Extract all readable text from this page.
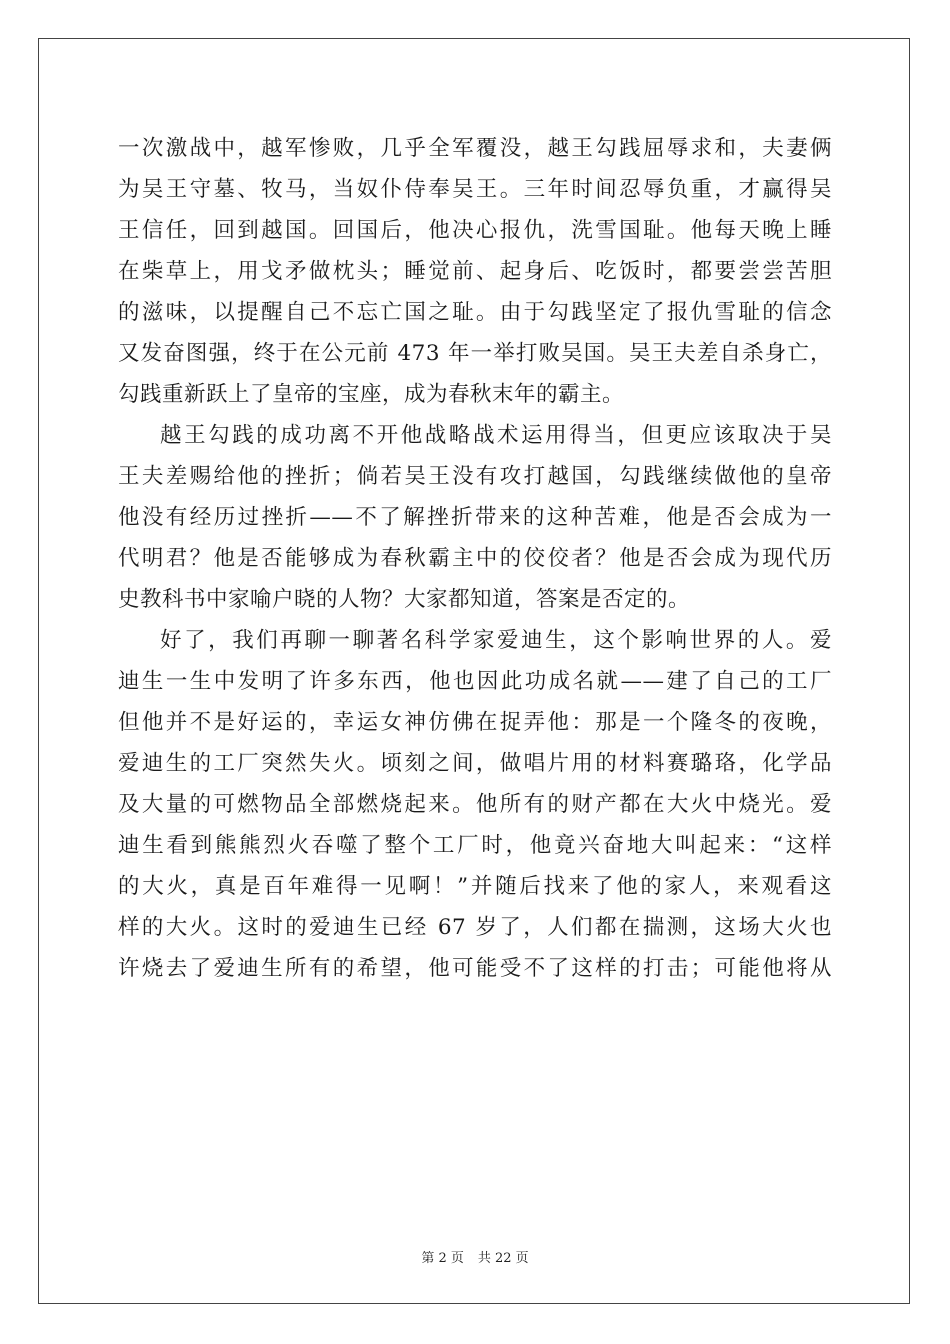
一次激战中，越军惨败，几乎全军覆没，越王勾践屈辱求和，夫妻俩
为吴王守墓、牧马，当奴仆侍奉吴王。三年时间忍辱负重，才赢得吴
王信任，回到越国。回国后，他决心报仇，洗雪国耻。他每天晚上睡
在柴草上，用戈矛做枕头；睡觉前、起身后、吃饭时，都要尝尝苦胆
的滋味，以提醒自己不忘亡国之耻。由于勾践坚定了报仇雪耻的信念
又发奋图强，终于在公元前 473 年一举打败吴国。吴王夫差自杀身亡，
勾践重新跃上了皇帝的宝座，成为春秋末年的霸主。
越王勾践的成功离不开他战略战术运用得当，但更应该取决于吴
王夫差赐给他的挫折；倘若吴王没有攻打越国，勾践继续做他的皇帝
他没有经历过挫折——不了解挫折带来的这种苦难，他是否会成为一
代明君？他是否能够成为春秋霸主中的佼佼者？他是否会成为现代历
史教科书中家喻户晓的人物？大家都知道，答案是否定的。
好了，我们再聊一聊著名科学家爱迪生，这个影响世界的人。爱
迪生一生中发明了许多东西，他也因此功成名就——建了自己的工厂
但他并不是好运的，幸运女神仿佛在捉弄他：那是一个隆冬的夜晚，
爱迪生的工厂突然失火。顷刻之间，做唱片用的材料赛璐珞，化学品
及大量的可燃物品全部燃烧起来。他所有的财产都在大火中烧光。爱
迪生看到熊熊烈火吞噬了整个工厂时，他竟兴奋地大叫起来：“这样
的大火，真是百年难得一见啊！”并随后找来了他的家人，来观看这
样的大火。这时的爱迪生已经 67 岁了，人们都在揣测，这场大火也
许烧去了爱迪生所有的希望，他可能受不了这样的打击；可能他将从
第 2 页 共 22 页
